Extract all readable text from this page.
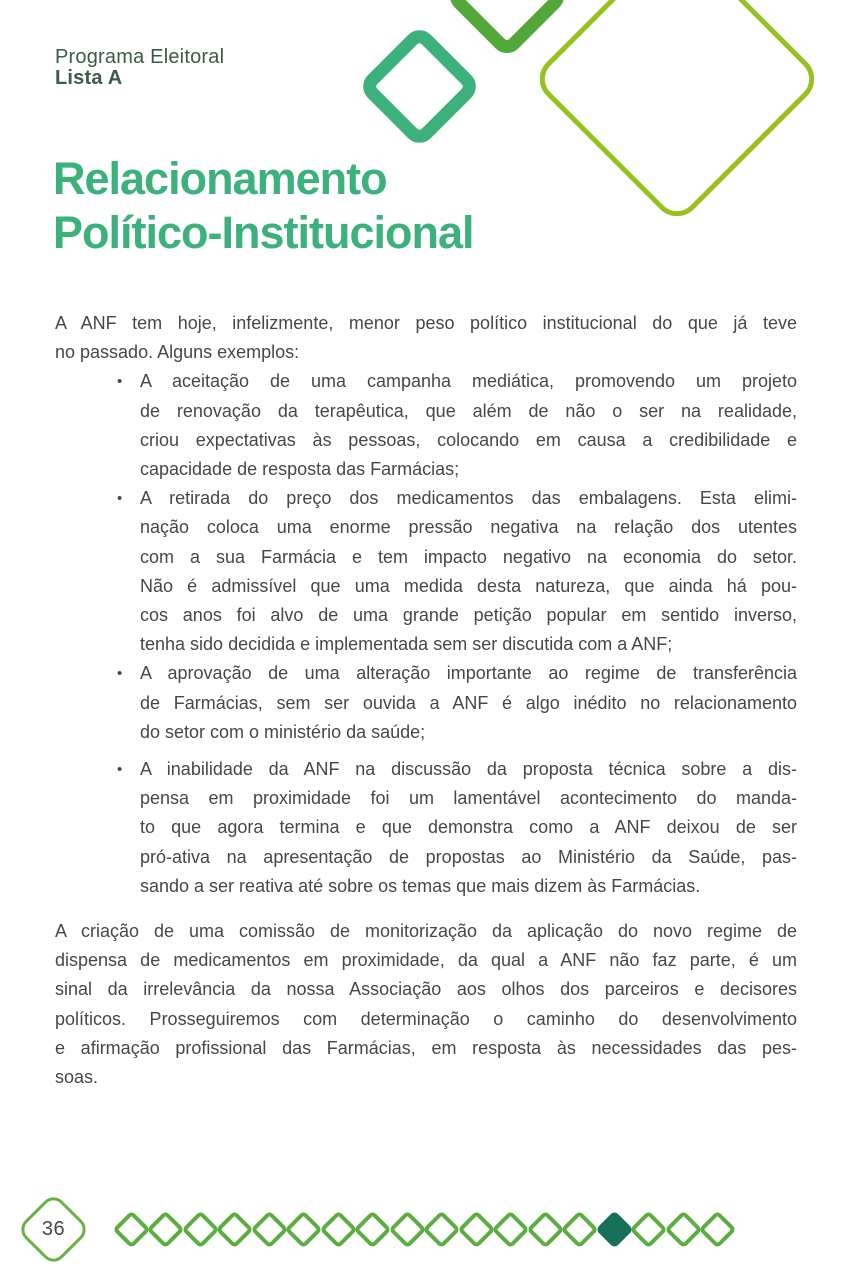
Programa Eleitoral
Lista A
Relacionamento
Político-Institucional
A ANF tem hoje, infelizmente, menor peso político institucional do que já teve
no passado. Alguns exemplos:
• A aceitação de uma campanha mediática, promovendo um projeto
de renovação da terapêutica, que além de não o ser na realidade,
criou expectativas às pessoas, colocando em causa a credibilidade e
capacidade de resposta das Farmácias;
• A retirada do preço dos medicamentos das embalagens. Esta elimi-
nação coloca uma enorme pressão negativa na relação dos utentes
com a sua Farmácia e tem impacto negativo na economia do setor.
Não é admissível que uma medida desta natureza, que ainda há pou-
cos anos foi alvo de uma grande petição popular em sentido inverso,
tenha sido decidida e implementada sem ser discutida com a ANF;
• A aprovação de uma alteração importante ao regime de transferência
de Farmácias, sem ser ouvida a ANF é algo inédito no relacionamento
do setor com o ministério da saúde;
• A inabilidade da ANF na discussão da proposta técnica sobre a dis-
pensa em proximidade foi um lamentável acontecimento do manda-
to que agora termina e que demonstra como a ANF deixou de ser
pró-ativa na apresentação de propostas ao Ministério da Saúde, pas-
sando a ser reativa até sobre os temas que mais dizem às Farmácias.
A criação de uma comissão de monitorização da aplicação do novo regime de
dispensa de medicamentos em proximidade, da qual a ANF não faz parte, é um
sinal da irrelevância da nossa Associação aos olhos dos parceiros e decisores
políticos. Prosseguiremos com determinação o caminho do desenvolvimento
e afirmação profissional das Farmácias, em resposta às necessidades das pes-
soas.
36
